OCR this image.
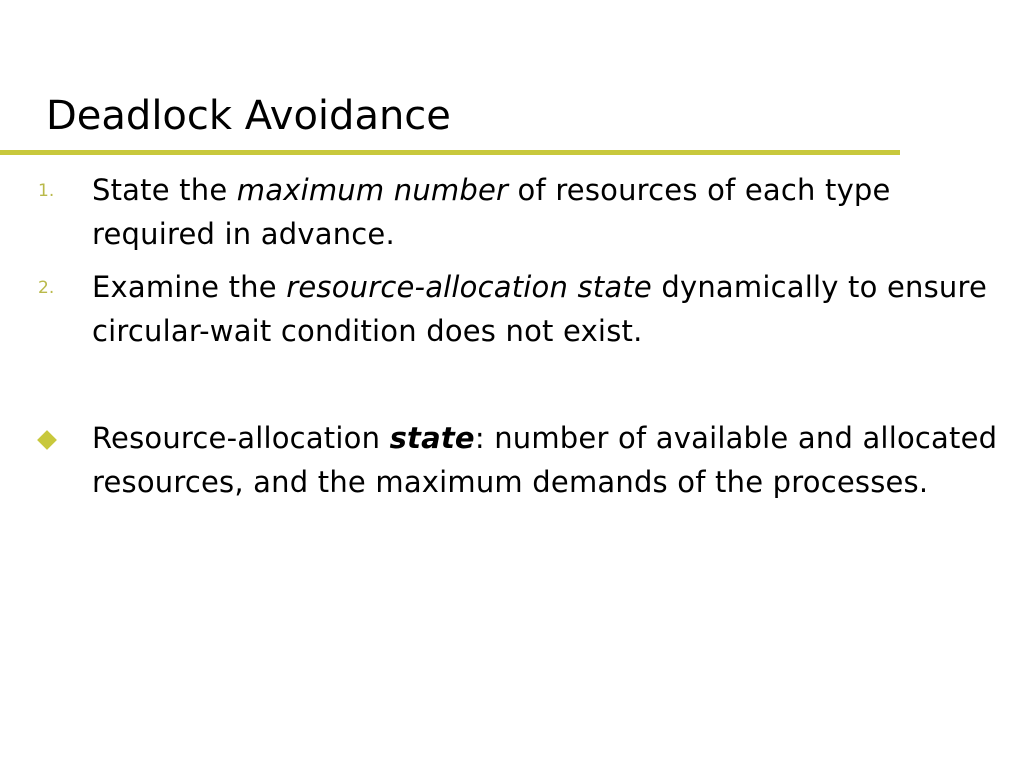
Deadlock Avoidance
1. State the maximum number of resources of each type required in advance.
2. Examine the resource-allocation state dynamically to ensure circular-wait condition does not exist.
Resource-allocation state: number of available and allocated resources, and the maximum demands of the processes.
